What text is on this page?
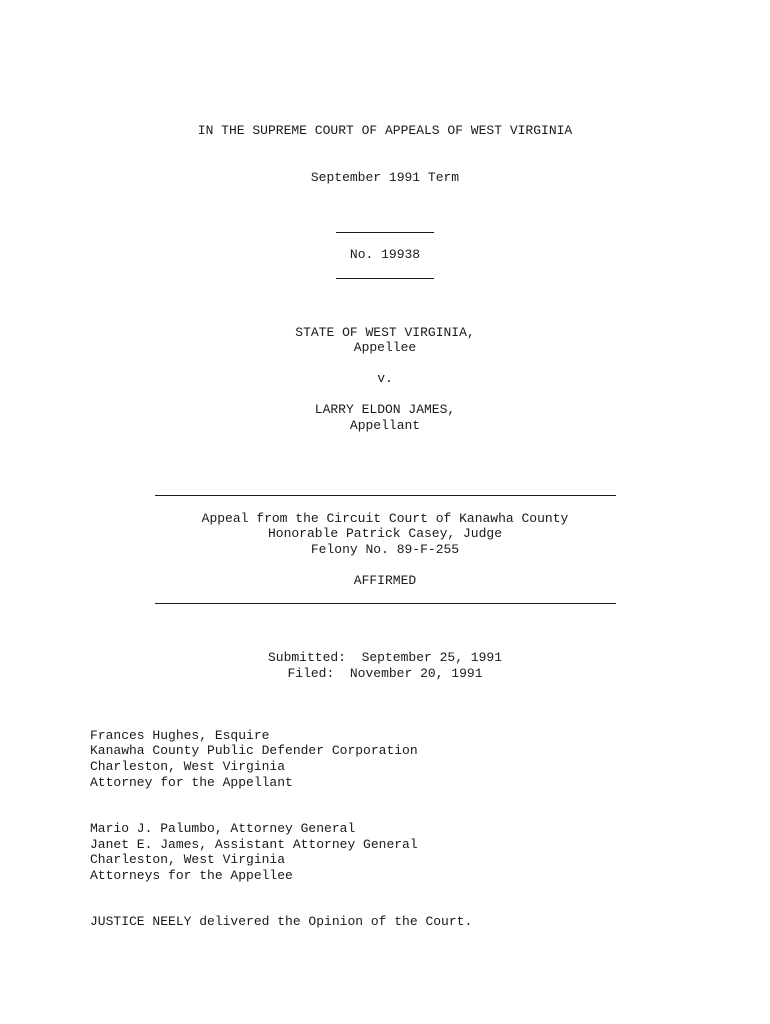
IN THE SUPREME COURT OF APPEALS OF WEST VIRGINIA
September 1991 Term
No. 19938
STATE OF WEST VIRGINIA,
Appellee
v.
LARRY ELDON JAMES,
Appellant
Appeal from the Circuit Court of Kanawha County
Honorable Patrick Casey, Judge
Felony No. 89-F-255
AFFIRMED
Submitted:  September 25, 1991
Filed:  November 20, 1991
Frances Hughes, Esquire
Kanawha County Public Defender Corporation
Charleston, West Virginia
Attorney for the Appellant
Mario J. Palumbo, Attorney General
Janet E. James, Assistant Attorney General
Charleston, West Virginia
Attorneys for the Appellee
JUSTICE NEELY delivered the Opinion of the Court.
